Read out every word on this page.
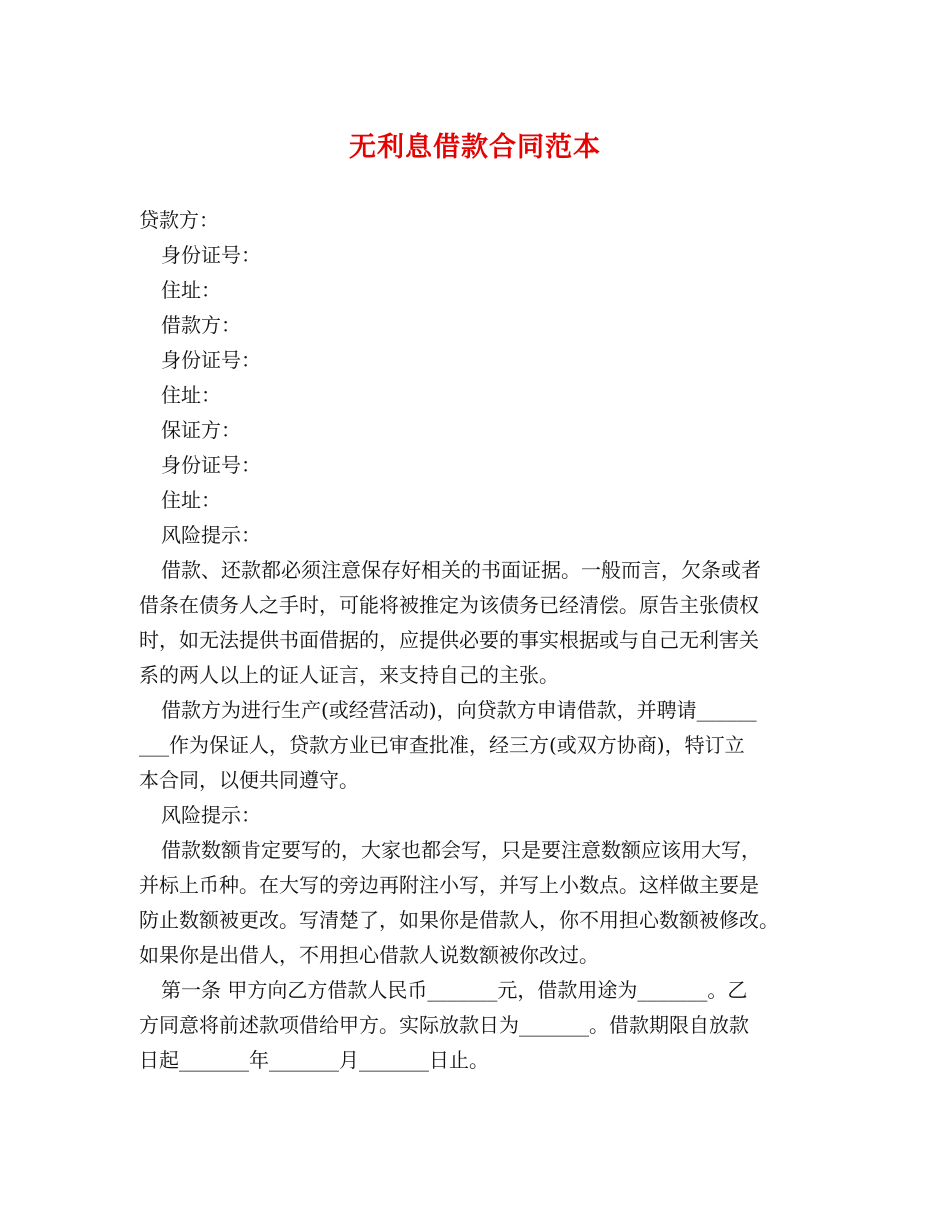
无利息借款合同范本
贷款方：
身份证号：
住址：
借款方：
身份证号：
住址：
保证方：
身份证号：
住址：
风险提示：
借款、还款都必须注意保存好相关的书面证据。一般而言，欠条或者
借条在债务人之手时，可能将被推定为该债务已经清偿。原告主张债权
时，如无法提供书面借据的，应提供必要的事实根据或与自己无利害关
系的两人以上的证人证言，来支持自己的主张。
借款方为进行生产(或经营活动)，向贷款方申请借款，并聘请______
___作为保证人，贷款方业已审查批准，经三方(或双方协商)，特订立
本合同，以便共同遵守。
风险提示：
借款数额肯定要写的，大家也都会写，只是要注意数额应该用大写，
并标上币种。在大写的旁边再附注小写，并写上小数点。这样做主要是
防止数额被更改。写清楚了，如果你是借款人，你不用担心数额被修改。
如果你是出借人，不用担心借款人说数额被你改过。
第一条 甲方向乙方借款人民币_______元，借款用途为_______。乙
方同意将前述款项借给甲方。实际放款日为_______。借款期限自放款
日起_______年_______月_______日止。
